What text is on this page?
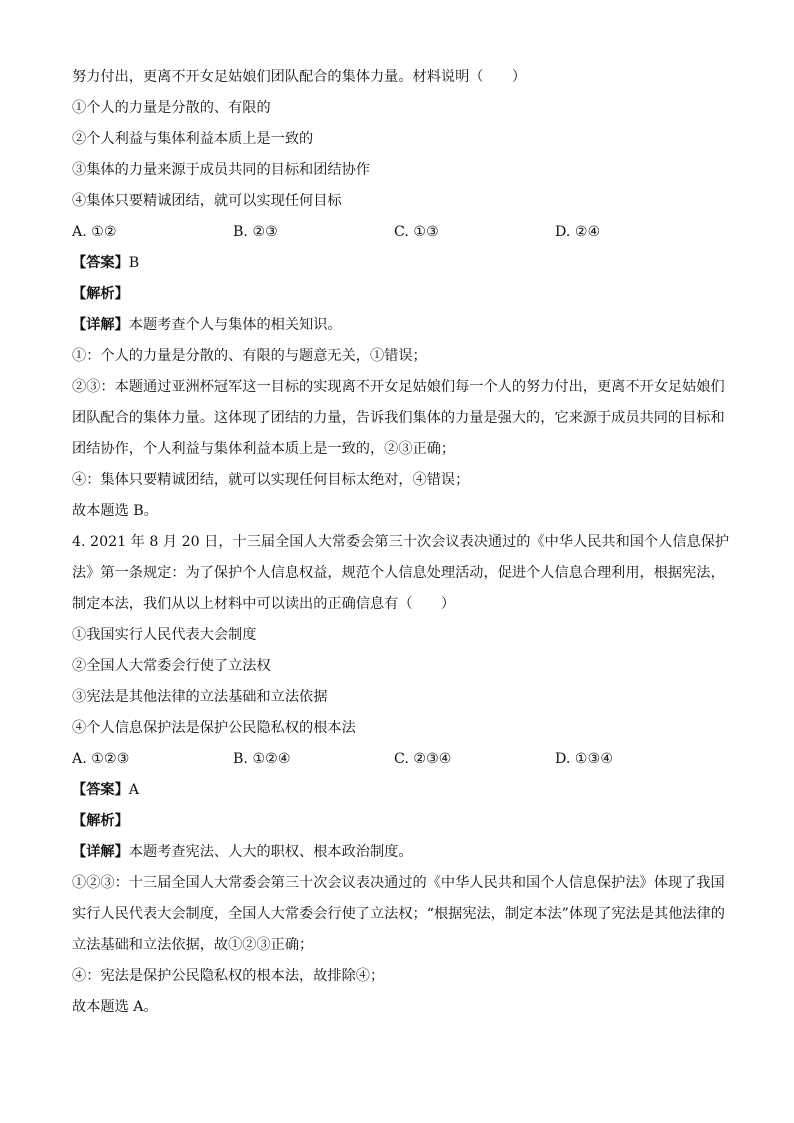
努力付出，更离不开女足姑娘们团队配合的集体力量。材料说明（　　）
①个人的力量是分散的、有限的
②个人利益与集体利益本质上是一致的
③集体的力量来源于成员共同的目标和团结协作
④集体只要精诚团结，就可以实现任何目标
A. ①②	B. ②③	C. ①③	D. ②④
【答案】B
【解析】
【详解】本题考查个人与集体的相关知识。
①：个人的力量是分散的、有限的与题意无关，①错误；
②③：本题通过亚洲杯冠军这一目标的实现离不开女足姑娘们每一个人的努力付出，更离不开女足姑娘们团队配合的集体力量。这体现了团结的力量，告诉我们集体的力量是强大的，它来源于成员共同的目标和团结协作，个人利益与集体利益本质上是一致的，②③正确；
④：集体只要精诚团结，就可以实现任何目标太绝对，④错误；
故本题选 B。
4. 2021 年 8 月 20 日，十三届全国人大常委会第三十次会议表决通过的《中华人民共和国个人信息保护法》第一条规定：为了保护个人信息权益，规范个人信息处理活动，促进个人信息合理利用，根据宪法，制定本法，我们从以上材料中可以读出的正确信息有（　　）
①我国实行人民代表大会制度
②全国人大常委会行使了立法权
③宪法是其他法律的立法基础和立法依据
④个人信息保护法是保护公民隐私权的根本法
A. ①②③	B. ①②④	C. ②③④	D. ①③④
【答案】A
【解析】
【详解】本题考查宪法、人大的职权、根本政治制度。
①②③：十三届全国人大常委会第三十次会议表决通过的《中华人民共和国个人信息保护法》体现了我国实行人民代表大会制度，全国人大常委会行使了立法权；“根据宪法，制定本法”体现了宪法是其他法律的立法基础和立法依据，故①②③正确；
④：宪法是保护公民隐私权的根本法，故排除④；
故本题选 A。
